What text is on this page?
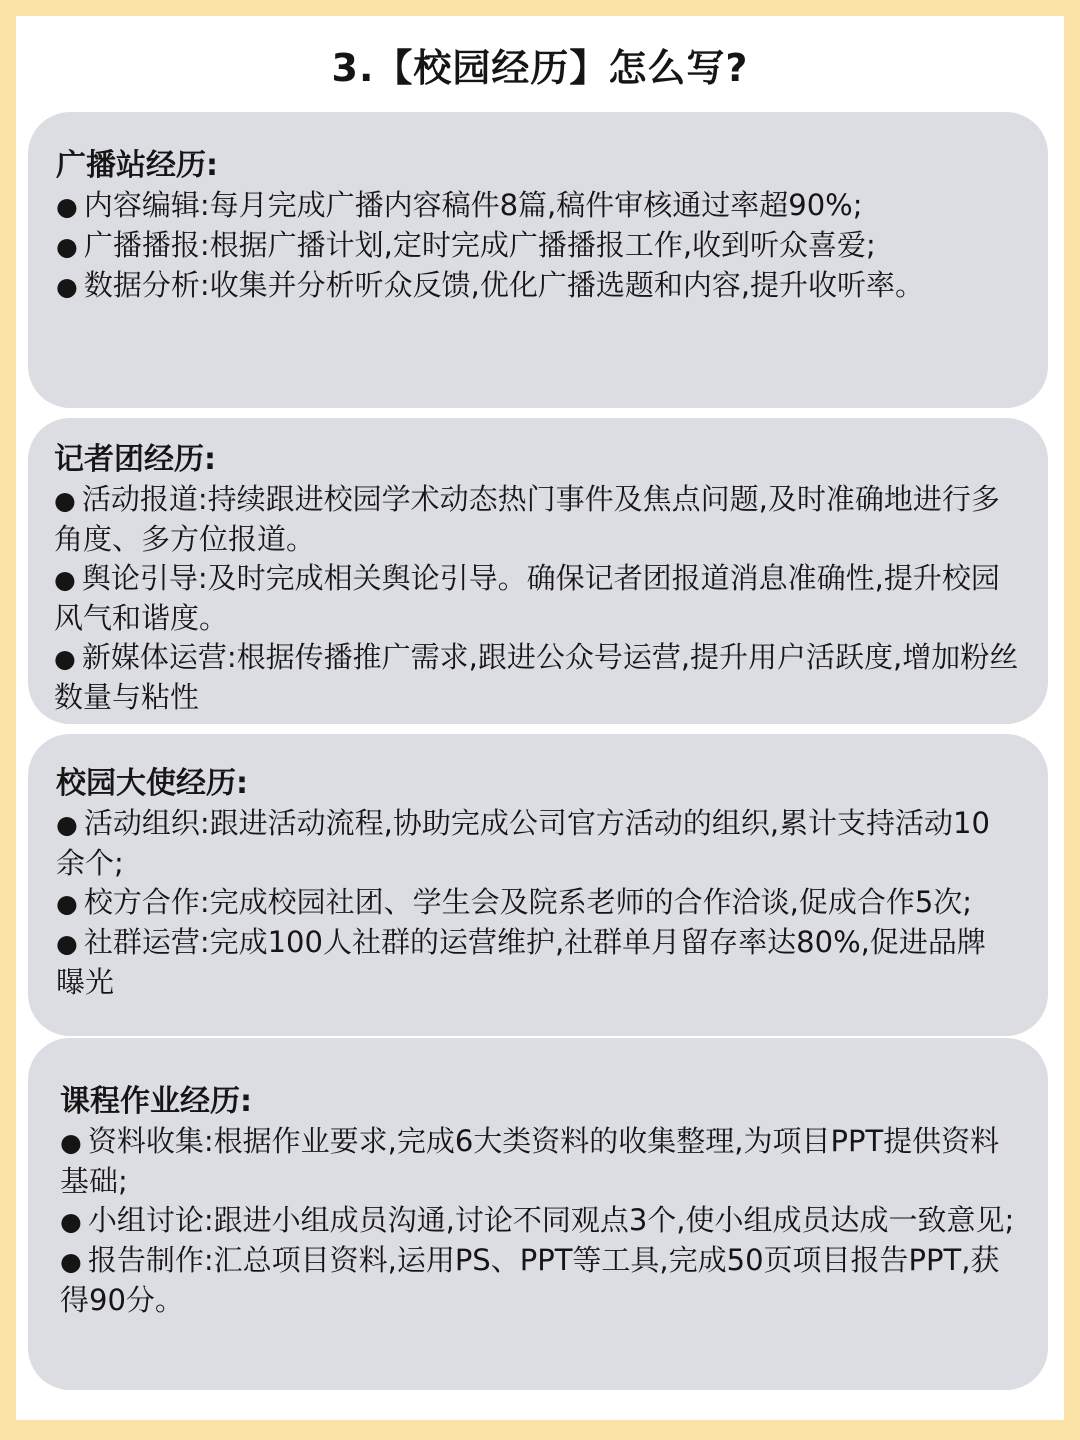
3.【校园经历】怎么写?

广播站经历:

● 内容编辑:每月完成广播内容稿件8篇,稿件审核通过率超90%;

● 广播播报:根据广播计划,定时完成广播播报工作,收到听众喜爱;

● 数据分析:收集并分析听众反馈,优化广播选题和内容,提升收听率。

记者团经历:

● 活动报道:持续跟进校园学术动态热门事件及焦点问题,及时准确地进行多角度、多方位报道。

● 舆论引导:及时完成相关舆论引导。确保记者团报道消息准确性,提升校园风气和谐度。

● 新媒体运营:根据传播推广需求,跟进公众号运营,提升用户活跃度,增加粉丝数量与粘性

校园大使经历:

● 活动组织:跟进活动流程,协助完成公司官方活动的组织,累计支持活动10余个;

● 校方合作:完成校园社团、学生会及院系老师的合作洽谈,促成合作5次;

● 社群运营:完成100人社群的运营维护,社群单月留存率达80%,促进品牌曝光

课程作业经历:

● 资料收集:根据作业要求,完成6大类资料的收集整理,为项目PPT提供资料基础;

● 小组讨论:跟进小组成员沟通,讨论不同观点3个,使小组成员达成一致意见;

● 报告制作:汇总项目资料,运用PS、PPT等工具,完成50页项目报告PPT,获得90分。
